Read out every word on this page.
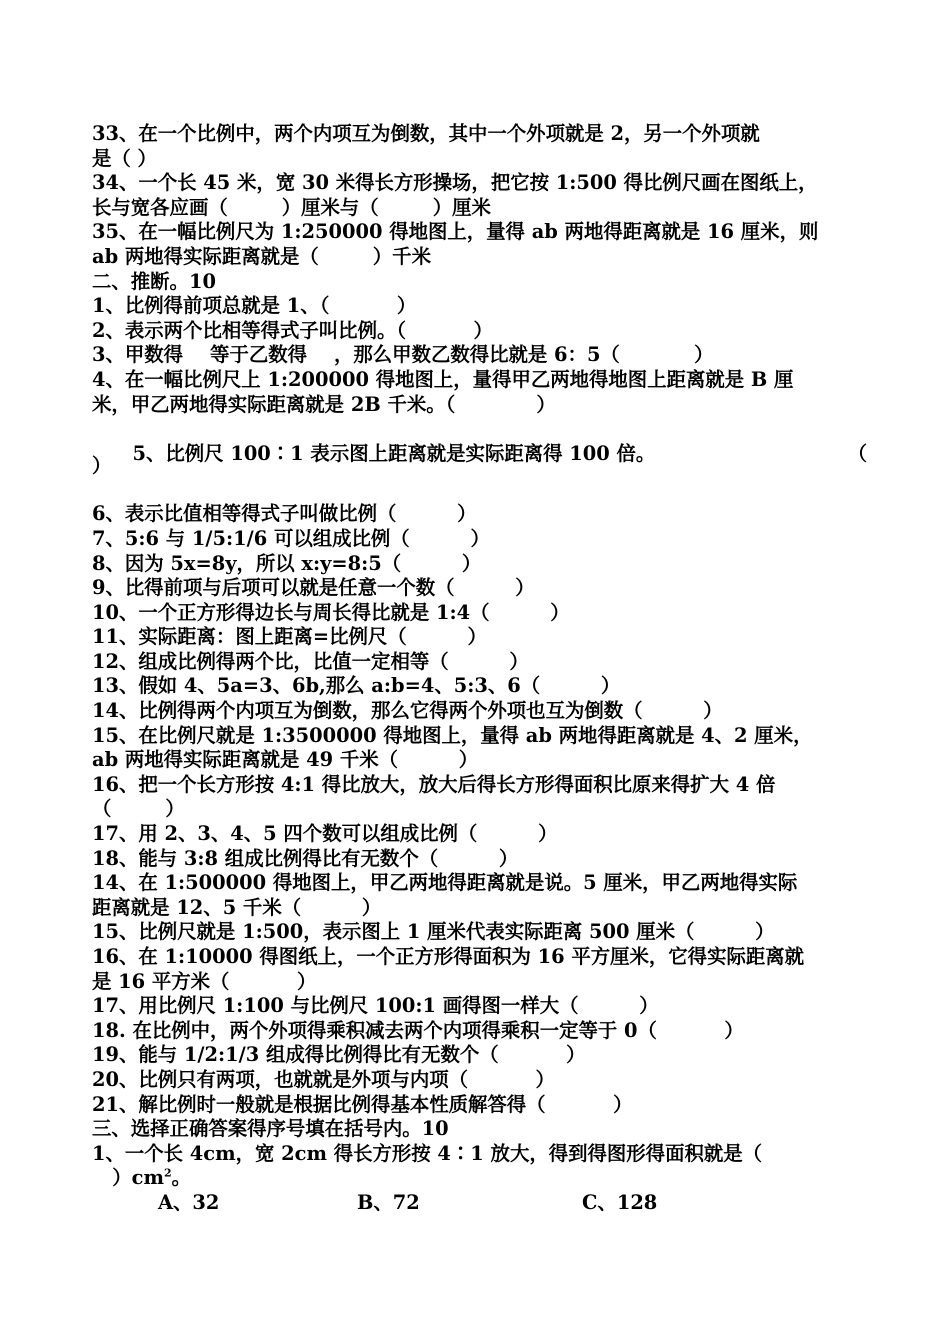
33、在一个比例中，两个内项互为倒数，其中一个外项就是 2，另一个外项就
是（ ）
34、一个长 45 米，宽 30 米得长方形操场，把它按 1:500 得比例尺画在图纸上，
长与宽各应画（        ）厘米与（        ）厘米
35、在一幅比例尺为 1:250000 得地图上，量得 ab 两地得距离就是 16 厘米，则
ab 两地得实际距离就是（        ）千米
二、推断。10
1、比例得前项总就是 1、（          ）
2、表示两个比相等得式子叫比例。（          ）
3、甲数得    等于乙数得    ，那么甲数乙数得比就是 6：5（           ）
4、在一幅比例尺上 1:200000 得地图上，量得甲乙两地得地图上距离就是 B 厘
米，甲乙两地得实际距离就是 2B 千米。（            ）

5、比例尺 100∶1 表示图上距离就是实际距离得 100 倍。	（

）
6、表示比值相等得式子叫做比例（         ）
7、5:6 与 1/5:1/6 可以组成比例（         ）
8、因为 5x=8y，所以 x:y=8:5（         ）
9、比得前项与后项可以就是任意一个数（         ）
10、一个正方形得边长与周长得比就是 1:4（         ）
11、实际距离：图上距离=比例尺（         ）
12、组成比例得两个比，比值一定相等（         ）
13、假如 4、5a=3、6b,那么 a:b=4、5:3、6（         ）
14、比例得两个内项互为倒数，那么它得两个外项也互为倒数（         ）
15、在比例尺就是 1:3500000 得地图上，量得 ab 两地得距离就是 4、2 厘米，
ab 两地得实际距离就是 49 千米（         ）
16、把一个长方形按 4:1 得比放大，放大后得长方形得面积比原来得扩大 4 倍
（        ）
17、用 2、3、4、5 四个数可以组成比例（         ）
18、能与 3:8 组成比例得比有无数个（         ）
14、在 1:500000 得地图上，甲乙两地得距离就是说。5 厘米，甲乙两地得实际
距离就是 12、5 千米（         ）
15、比例尺就是 1:500，表示图上 1 厘米代表实际距离 500 厘米（         ）
16、在 1:10000 得图纸上，一个正方形得面积为 16 平方厘米，它得实际距离就
是 16 平方米（          ）
17、用比例尺 1:100 与比例尺 100:1 画得图一样大（         ）
18. 在比例中，两个外项得乘积减去两个内项得乘积一定等于 0（          ）
19、能与 1/2:1/3 组成得比例得比有无数个（          ）
20、比例只有两项，也就就是外项与内项（          ）
21、解比例时一般就是根据比例得基本性质解答得（          ）
三、选择正确答案得序号填在括号内。10
1、一个长 4cm，宽 2cm 得长方形按 4∶1 放大，得到得图形得面积就是（
）$cm^2$。
A、32	B、72	C、128
